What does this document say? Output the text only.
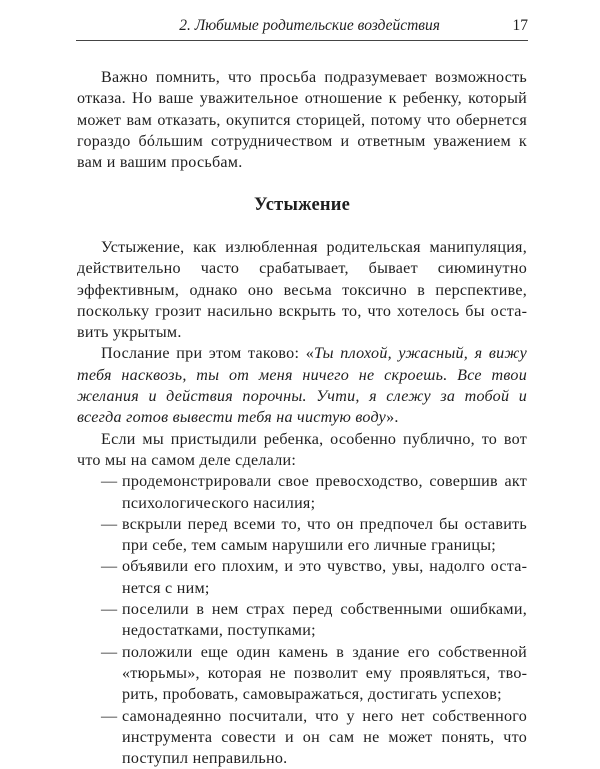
2. Любимые родительские воздействия	17

Важно помнить, что просьба подразумевает возможность отказа. Но ваше уважительное отношение к ребенку, который может вам отказать, окупится сторицей, потому что обернется гораздо бóльшим сотрудничеством и ответным уважением к вам и вашим просьбам.

Устыжение

Устыжение, как излюбленная родительская манипуляция, действительно часто срабатывает, бывает сиюминутно эффективным, однако оно весьма токсично в перспективе, поскольку грозит насильно вскрыть то, что хотелось бы оставить укрытым.

Послание при этом таково: «Ты плохой, ужасный, я вижу тебя насквозь, ты от меня ничего не скроешь. Все твои желания и действия порочны. Учти, я слежу за тобой и всегда готов вывести тебя на чистую воду».

Если мы пристыдили ребенка, особенно публично, то вот что мы на самом деле сделали:

— продемонстрировали свое превосходство, совершив акт психологического насилия;
— вскрыли перед всеми то, что он предпочел бы оставить при себе, тем самым нарушили его личные границы;
— объявили его плохим, и это чувство, увы, надолго останется с ним;
— поселили в нем страх перед собственными ошибками, недостатками, поступками;
— положили еще один камень в здание его собственной «тюрьмы», которая не позволит ему проявляться, творить, пробовать, самовыражаться, достигать успехов;
— самонадеянно посчитали, что у него нет собственного инструмента совести и он сам не может понять, что поступил неправильно.
